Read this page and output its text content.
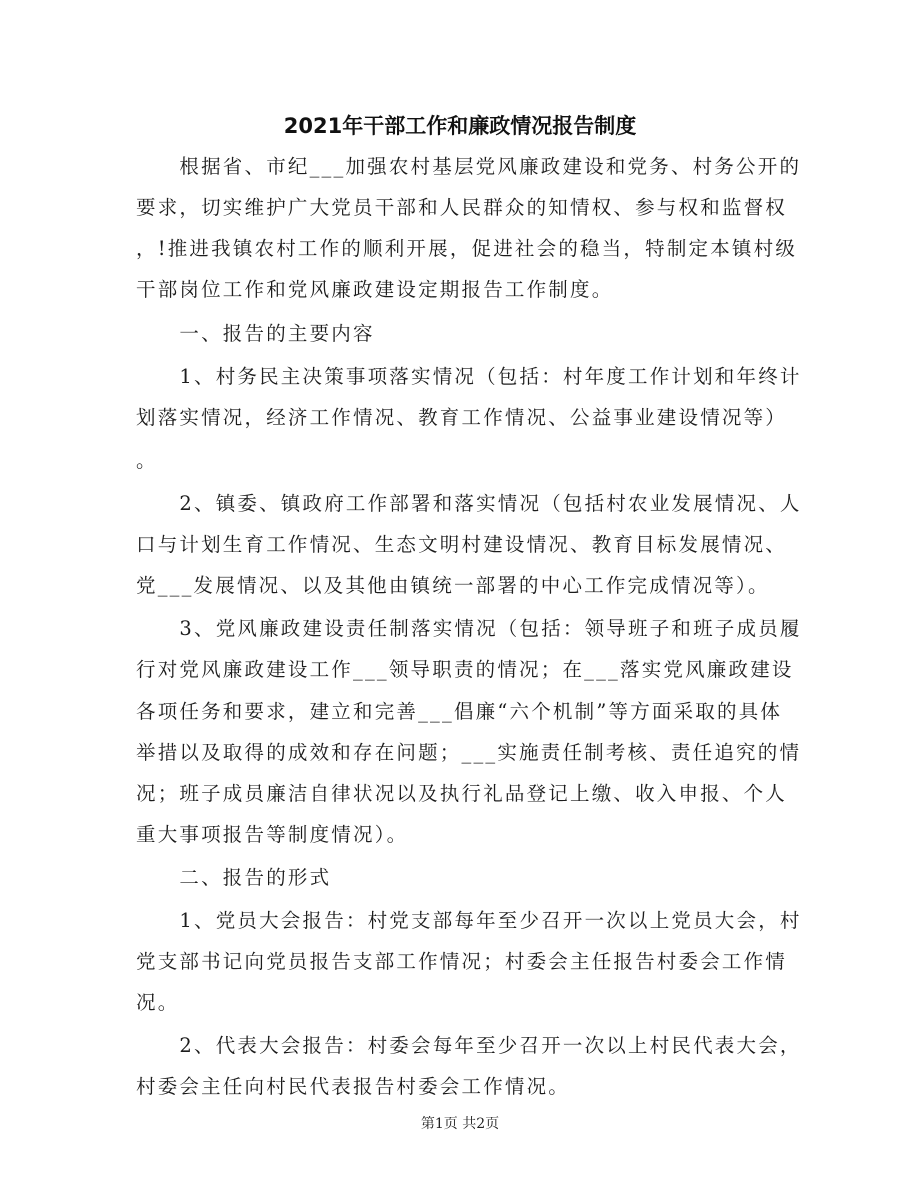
2021年干部工作和廉政情况报告制度
　　根据省、市纪___加强农村基层党风廉政建设和党务、村务公开的
要求，切实维护广大党员干部和人民群众的知情权、参与权和监督权
，!推进我镇农村工作的顺利开展，促进社会的稳当，特制定本镇村级
干部岗位工作和党风廉政建设定期报告工作制度。
　　一、报告的主要内容
　　1、村务民主决策事项落实情况（包括：村年度工作计划和年终计
划落实情况，经济工作情况、教育工作情况、公益事业建设情况等）
。
　　2、镇委、镇政府工作部署和落实情况（包括村农业发展情况、人
口与计划生育工作情况、生态文明村建设情况、教育目标发展情况、
党___发展情况、以及其他由镇统一部署的中心工作完成情况等）。
　　3、党风廉政建设责任制落实情况（包括：领导班子和班子成员履
行对党风廉政建设工作___领导职责的情况；在___落实党风廉政建设
各项任务和要求，建立和完善___倡廉“六个机制”等方面采取的具体
举措以及取得的成效和存在问题；___实施责任制考核、责任追究的情
况；班子成员廉洁自律状况以及执行礼品登记上缴、收入申报、个人
重大事项报告等制度情况）。
　　二、报告的形式
　　1、党员大会报告：村党支部每年至少召开一次以上党员大会，村
党支部书记向党员报告支部工作情况；村委会主任报告村委会工作情
况。
　　2、代表大会报告：村委会每年至少召开一次以上村民代表大会，
村委会主任向村民代表报告村委会工作情况。
第1页 共2页
